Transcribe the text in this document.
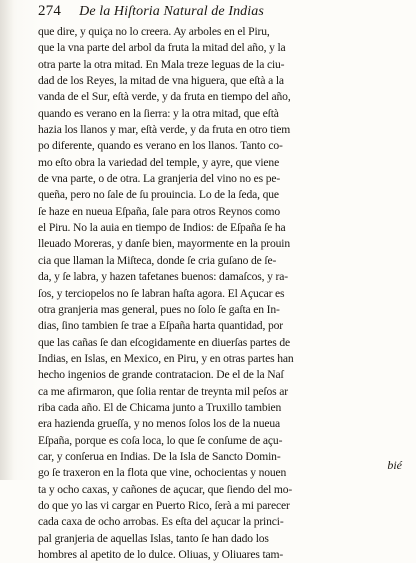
274 De la Hiſtoria Natural de Indias
que dire, y quiça no lo creera. Ay arboles en el Piru,
que la vna parte del arbol da fruta la mitad del año, y la
otra parte la otra mitad. En Mala treze leguas de la ciu-
dad de los Reyes, la mitad de vna higuera, que eſtà a la
vanda de el Sur, eſtà verde, y da fruta en tiempo del año,
quando es verano en la ſierra: y la otra mitad, que eſtà
hazia los llanos y mar, eſtà verde, y da fruta en otro tiem
po diferente, quando es verano en los llanos. Tanto co-
mo eſto obra la variedad del temple, y ayre, que viene
de vna parte, o de otra. La granjeria del vino no es pe-
queña, pero no ſale de ſu prouincia. Lo de la ſeda, que
ſe haze en nueua Eſpaña, ſale para otros Reynos como
el Piru. No la auia en tiempo de Indios: de Eſpaña ſe ha
lleuado Moreras, y danſe bien, mayormente en la prouin
cia que llaman la Miſteca, donde ſe cria guſano de ſe-
da, y ſe labra, y hazen tafetanes buenos: damaſcos, y ra-
ſos, y terciopelos no ſe labran haſta agora. El Açucar es
otra granjeria mas general, pues no ſolo ſe gaſta en In-
dias, ſino tambien ſe trae a Eſpaña harta quantidad, por
que las cañas ſe dan eſcogidamente en diuerſas partes de
Indias, en Islas, en Mexico, en Piru, y en otras partes han
hecho ingenios de grande contratacion. De el de la Naſ
ca me afirmaron, que ſolia rentar de treynta mil peſos ar
riba cada año. El de Chicama junto a Truxillo tambien
era hazienda grueſſa, y no menos ſolos los de la nueua
Eſpaña, porque es coſa loca, lo que ſe conſume de açu-
car, y conſerua en Indias. De la Isla de Sancto Domin-
go ſe traxeron en la flota que vine, ochocientas y nouen
ta y ocho caxas, y cañones de açucar, que ſiendo del mo-
do que yo las vi cargar en Puerto Rico, ſerà a mi parecer
cada caxa de ocho arrobas. Es eſta del açucar la princi-
pal granjeria de aquellas Islas, tanto ſe han dado los
hombres al apetito de lo dulce. Oliuas, y Oliuares tam-
bié
